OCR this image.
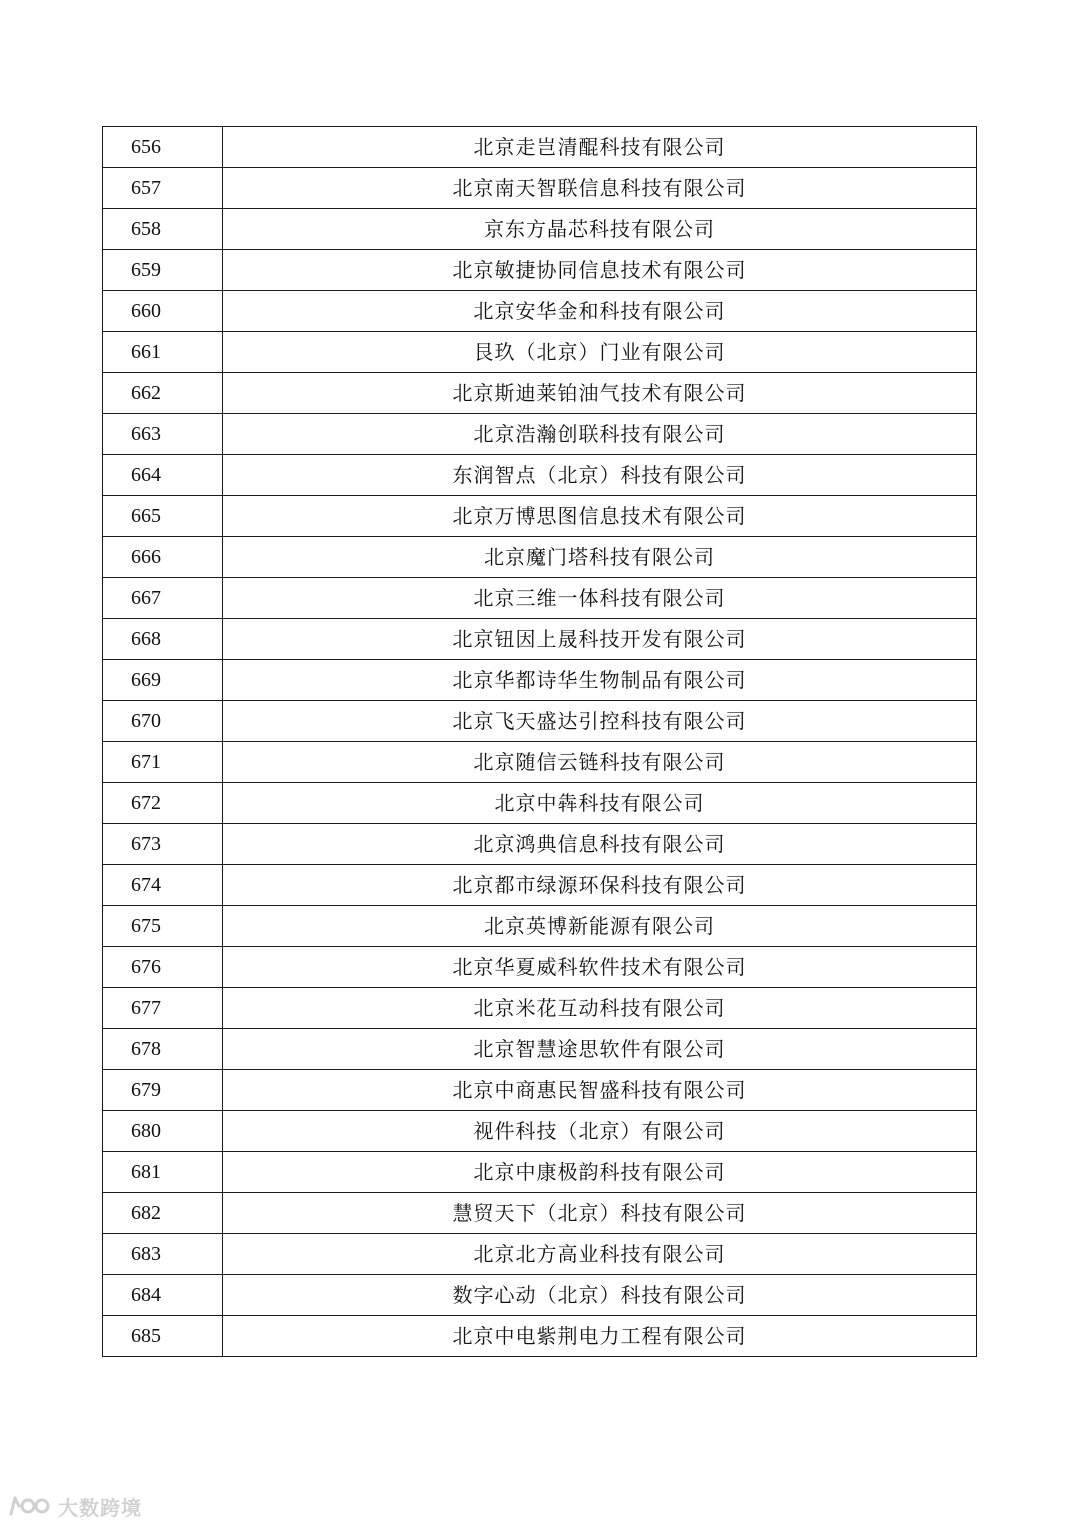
656	北京走岂清醌科技有限公司
657	北京南天智联信息科技有限公司
658	京东方晶芯科技有限公司
659	北京敏捷协同信息技术有限公司
660	北京安华金和科技有限公司
661	艮玖（北京）门业有限公司
662	北京斯迪莱铂油气技术有限公司
663	北京浩瀚创联科技有限公司
664	东润智点（北京）科技有限公司
665	北京万博思图信息技术有限公司
666	北京魔门塔科技有限公司
667	北京三维一体科技有限公司
668	北京钮因上晟科技开发有限公司
669	北京华都诗华生物制品有限公司
670	北京飞天盛达引控科技有限公司
671	北京随信云链科技有限公司
672	北京中犇科技有限公司
673	北京鸿典信息科技有限公司
674	北京都市绿源环保科技有限公司
675	北京英博新能源有限公司
676	北京华夏威科软件技术有限公司
677	北京米花互动科技有限公司
678	北京智慧途思软件有限公司
679	北京中商惠民智盛科技有限公司
680	视件科技（北京）有限公司
681	北京中康极韵科技有限公司
682	慧贸天下（北京）科技有限公司
683	北京北方高业科技有限公司
684	数字心动（北京）科技有限公司
685	北京中电紫荆电力工程有限公司
大数跨境
